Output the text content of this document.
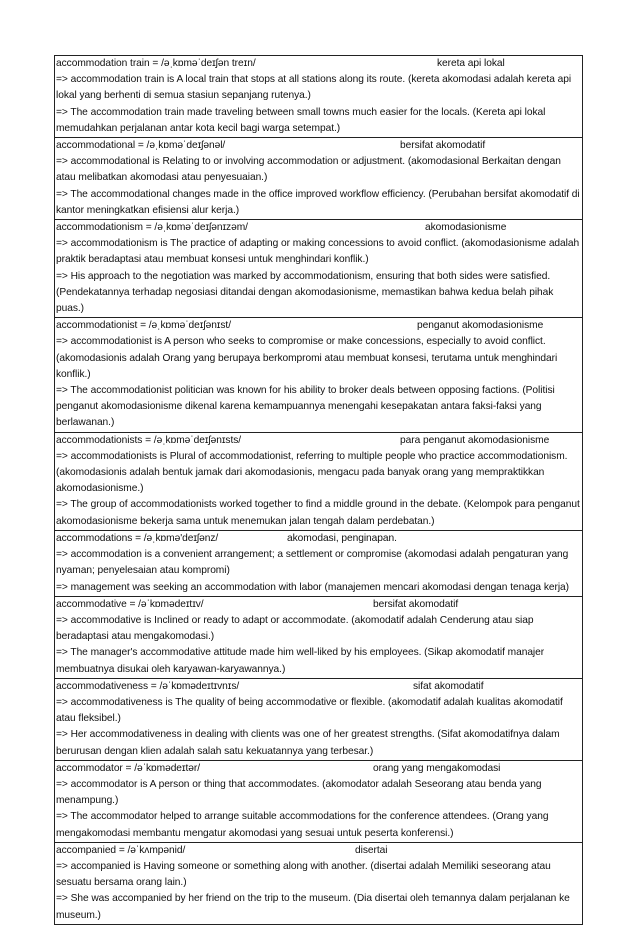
accommodation train = /əˌkɒməˈdeɪʃən treɪn/	kereta api lokal

=> accommodation train is A local train that stops at all stations along its route. (kereta akomodasi adalah kereta api lokal yang berhenti di semua stasiun sepanjang rutenya.)

=> The accommodation train made traveling between small towns much easier for the locals. (Kereta api lokal memudahkan perjalanan antar kota kecil bagi warga setempat.)

accommodational = /əˌkɒməˈdeɪʃənəl/	bersifat akomodatif

=> accommodational is Relating to or involving accommodation or adjustment. (akomodasional Berkaitan dengan atau melibatkan akomodasi atau penyesuaian.)

=> The accommodational changes made in the office improved workflow efficiency. (Perubahan bersifat akomodatif di kantor meningkatkan efisiensi alur kerja.)

accommodationism = /əˌkɒməˈdeɪʃənɪzəm/	akomodasionisme

=> accommodationism is The practice of adapting or making concessions to avoid conflict. (akomodasionisme adalah praktik beradaptasi atau membuat konsesi untuk menghindari konflik.)

=> His approach to the negotiation was marked by accommodationism, ensuring that both sides were satisfied. (Pendekatannya terhadap negosiasi ditandai dengan akomodasionisme, memastikan bahwa kedua belah pihak puas.)

accommodationist = /əˌkɒməˈdeɪʃənɪst/	penganut akomodasionisme

=> accommodationist is A person who seeks to compromise or make concessions, especially to avoid conflict. (akomodasionis adalah Orang yang berupaya berkompromi atau membuat konsesi, terutama untuk menghindari konflik.)

=> The accommodationist politician was known for his ability to broker deals between opposing factions. (Politisi penganut akomodasionisme dikenal karena kemampuannya menengahi kesepakatan antara faksi-faksi yang berlawanan.)

accommodationists = /əˌkɒməˈdeɪʃənɪsts/	para penganut akomodasionisme

=> accommodationists is Plural of accommodationist, referring to multiple people who practice accommodationism. (akomodasionis adalah bentuk jamak dari akomodasionis, mengacu pada banyak orang yang mempraktikkan akomodasionisme.)

=> The group of accommodationists worked together to find a middle ground in the debate. (Kelompok para penganut akomodasionisme bekerja sama untuk menemukan jalan tengah dalam perdebatan.)

accommodations = /əˌkɒmə'deɪʃənz/	akomodasi, penginapan.

=> accommodation is a convenient arrangement; a settlement or compromise (akomodasi adalah pengaturan yang nyaman; penyelesaian atau kompromi)

=> management was seeking an accommodation with labor (manajemen mencari akomodasi dengan tenaga kerja)

accommodative = /əˈkɒmədeɪtɪv/	bersifat akomodatif

=> accommodative is Inclined or ready to adapt or accommodate. (akomodatif adalah Cenderung atau siap beradaptasi atau mengakomodasi.)

=> The manager's accommodative attitude made him well-liked by his employees. (Sikap akomodatif manajer membuatnya disukai oleh karyawan-karyawannya.)

accommodativeness = /əˈkɒmədeɪtɪvnɪs/	sifat akomodatif

=> accommodativeness is The quality of being accommodative or flexible. (akomodatif adalah kualitas akomodatif atau fleksibel.)

=> Her accommodativeness in dealing with clients was one of her greatest strengths. (Sifat akomodatifnya dalam berurusan dengan klien adalah salah satu kekuatannya yang terbesar.)

accommodator = /əˈkɒmədeɪtər/	orang yang mengakomodasi

=> accommodator is A person or thing that accommodates. (akomodator adalah Seseorang atau benda yang menampung.)

=> The accommodator helped to arrange suitable accommodations for the conference attendees. (Orang yang mengakomodasi membantu mengatur akomodasi yang sesuai untuk peserta konferensi.)

accompanied = /əˈkʌmpənid/	disertai

=> accompanied is Having someone or something along with another. (disertai adalah Memiliki seseorang atau sesuatu bersama orang lain.)

=> She was accompanied by her friend on the trip to the museum. (Dia disertai oleh temannya dalam perjalanan ke museum.)
